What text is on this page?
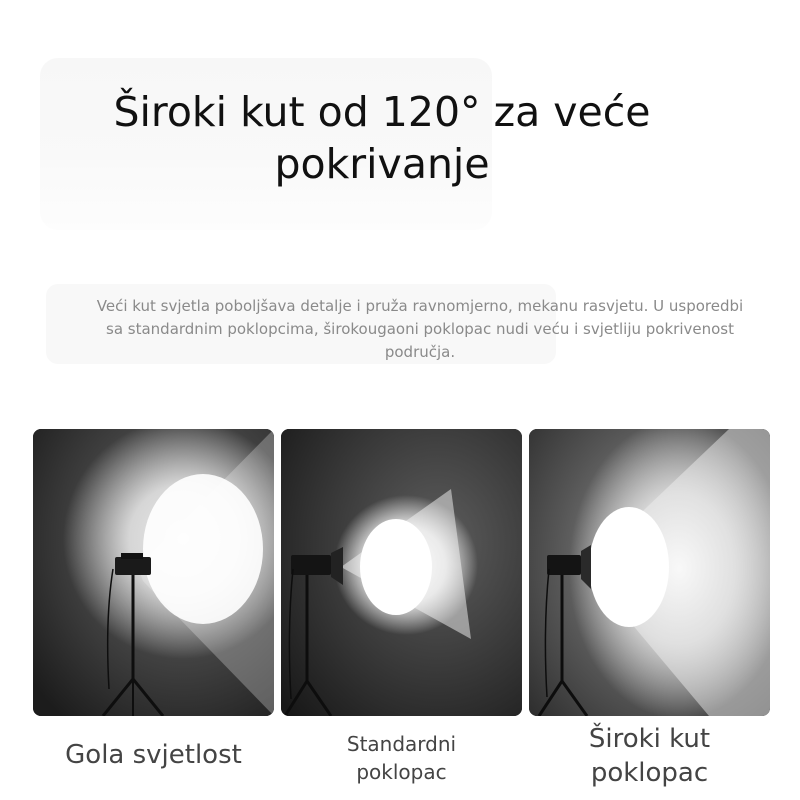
Široki kut od 120° za veće
pokrivanje
Veći kut svjetla poboljšava detalje i pruža ravnomjerno, mekanu rasvjetu. U usporedbi
sa standardnim poklopcima, širokougaoni poklopac nudi veću i svjetliju pokrivenost
područja.
Gola svjetlost	Standardni
poklopac
Široki kut
poklopac
